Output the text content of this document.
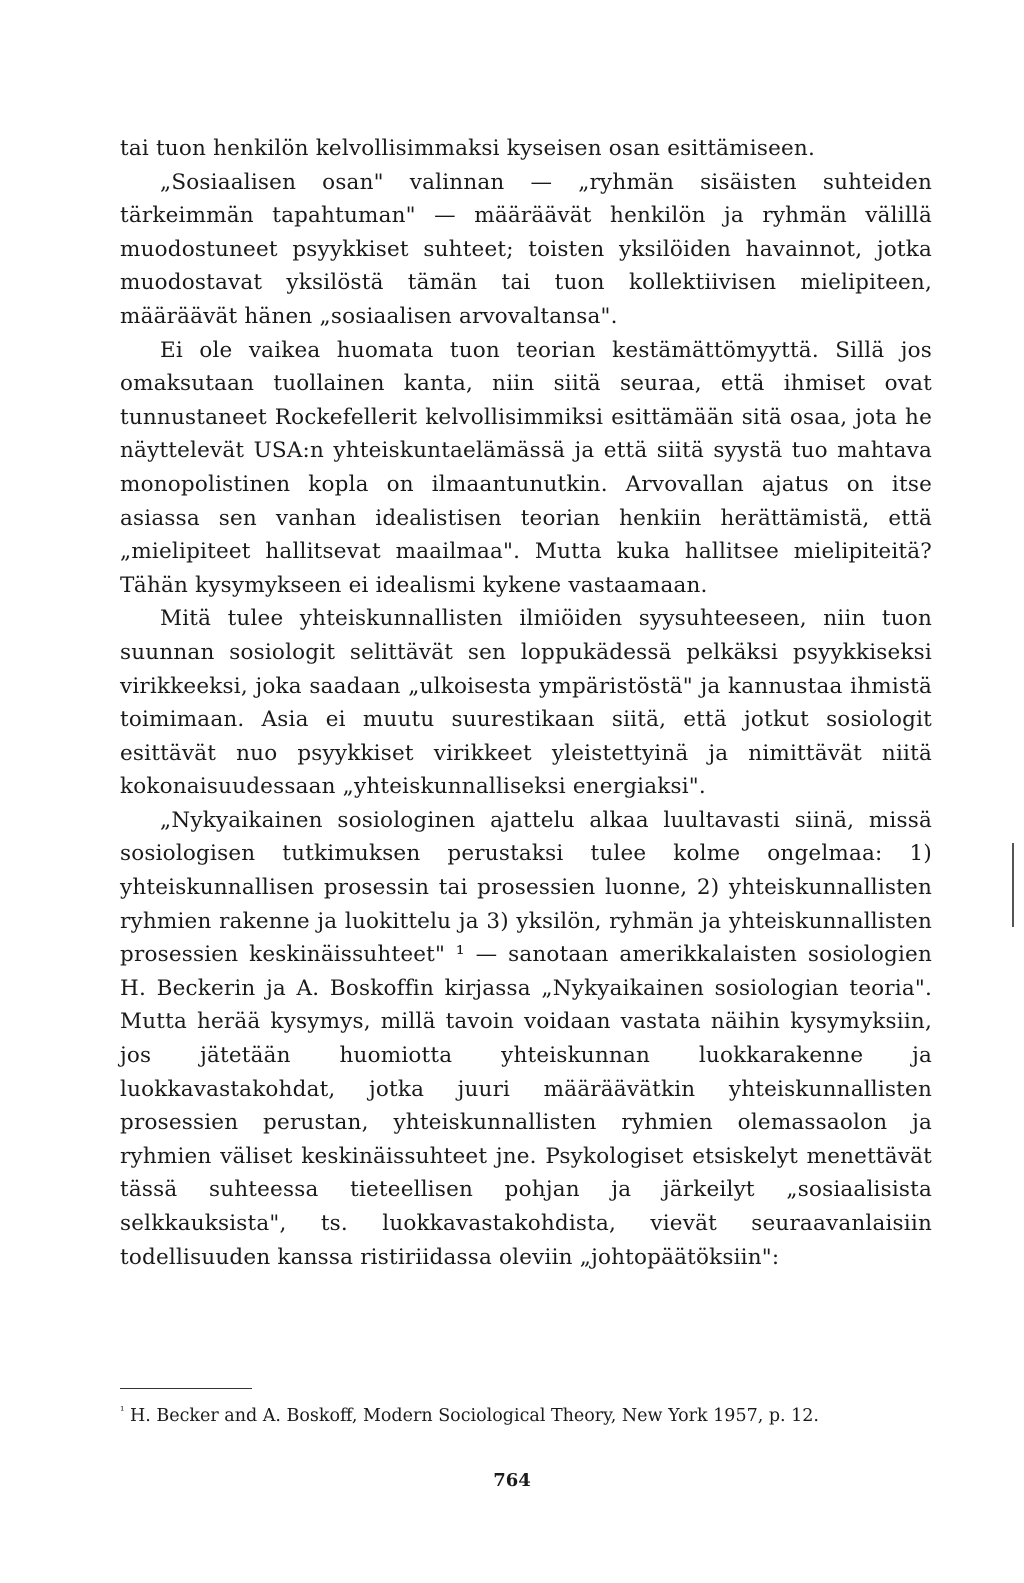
tai tuon henkilön kelvollisimmaksi kyseisen osan esittämiseen.

„Sosiaalisen osan" valinnan — „ryhmän sisäisten suhteiden tärkeimmän tapahtuman" — määräävät henkilön ja ryhmän välillä muodostuneet psyykkiset suhteet; toisten yksilöiden havainnot, jotka muodostavat yksilöstä tämän tai tuon kollektiivisen mielipiteen, määräävät hänen „sosiaalisen arvovaltansa".

Ei ole vaikea huomata tuon teorian kestämättömyyttä. Sillä jos omaksutaan tuollainen kanta, niin siitä seuraa, että ihmiset ovat tunnustaneet Rockefellerit kelvollisimmiksi esittämään sitä osaa, jota he näyttelevät USA:n yhteiskuntaelämässä ja että siitä syystä tuo mahtava monopolistinen kopla on ilmaantunutkin. Arvovallan ajatus on itse asiassa sen vanhan idealistisen teorian henkiin herättämistä, että „mielipiteet hallitsevat maailmaa". Mutta kuka hallitsee mielipiteitä? Tähän kysymykseen ei idealismi kykene vastaamaan.

Mitä tulee yhteiskunnallisten ilmiöiden syysuhteeseen, niin tuon suunnan sosiologit selittävät sen loppukädessä pelkäksi psyykkiseksi virikkeeksi, joka saadaan „ulkoisesta ympäristöstä" ja kannustaa ihmistä toimimaan. Asia ei muutu suurestikaan siitä, että jotkut sosiologit esittävät nuo psyykkiset virikkeet yleistettyinä ja nimittävät niitä kokonaisuudessaan „yhteiskunnalliseksi energiaksi".

„Nykyaikainen sosiologinen ajattelu alkaa luultavasti siinä, missä sosiologisen tutkimuksen perustaksi tulee kolme ongelmaa: 1) yhteiskunnallisen prosessin tai prosessien luonne, 2) yhteiskunnallisten ryhmien rakenne ja luokittelu ja 3) yksilön, ryhmän ja yhteiskunnallisten prosessien keskinäissuhteet" ¹ — sanotaan amerikkalaisten sosiologien H. Beckerin ja A. Boskoffin kirjassa „Nykyaikainen sosiologian teoria". Mutta herää kysymys, millä tavoin voidaan vastata näihin kysymyksiin, jos jätetään huomiotta yhteiskunnan luokkarakenne ja luokkavastakohdat, jotka juuri määräävätkin yhteiskunnallisten prosessien perustan, yhteiskunnallisten ryhmien olemassaolon ja ryhmien väliset keskinäissuhteet jne. Psykologiset etsiskelyt menettävät tässä suhteessa tieteellisen pohjan ja järkeilyt „sosiaalisista selkkauksista", ts. luokkavastakohdista, vievät seuraavanlaisiin todellisuuden kanssa ristiriidassa oleviin „johtopäätöksiin":

$^{^1}$ H. Becker and A. Boskoff, Modern Sociological Theory, New York 1957, p. 12.
764
